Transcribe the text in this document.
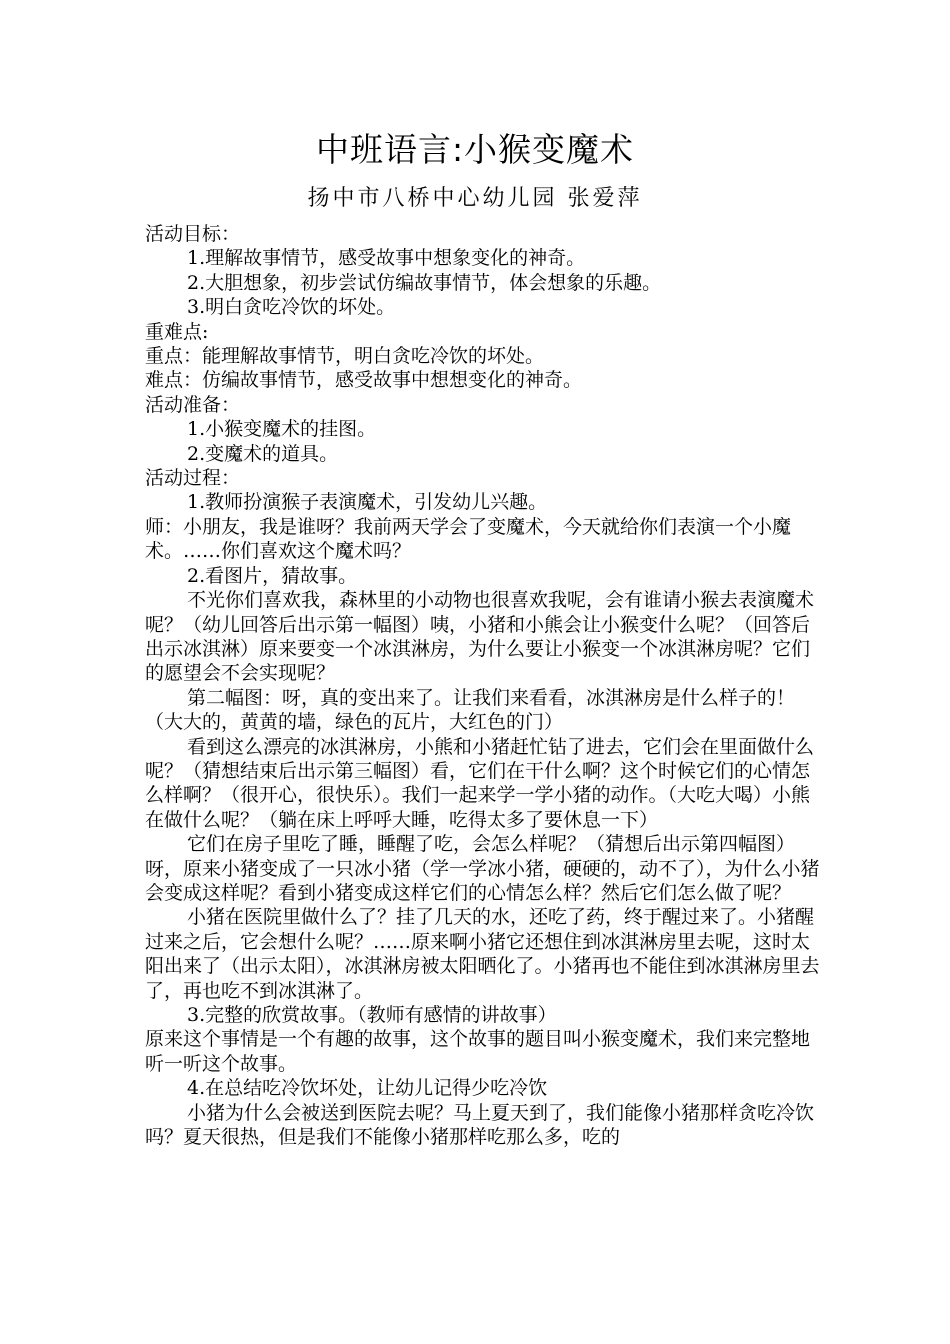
中班语言:小猴变魔术
扬中市八桥中心幼儿园 张爱萍

活动目标：

1.理解故事情节，感受故事中想象变化的神奇。

2.大胆想象，初步尝试仿编故事情节，体会想象的乐趣。

3.明白贪吃冷饮的坏处。

重难点:

重点：能理解故事情节，明白贪吃冷饮的坏处。

难点：仿编故事情节，感受故事中想想变化的神奇。

活动准备：

1.小猴变魔术的挂图。

2.变魔术的道具。

活动过程：

1.教师扮演猴子表演魔术，引发幼儿兴趣。

师：小朋友，我是谁呀？我前两天学会了变魔术，今天就给你们表演一个小魔术。……你们喜欢这个魔术吗？

2.看图片，猜故事。

不光你们喜欢我，森林里的小动物也很喜欢我呢，会有谁请小猴去表演魔术呢？（幼儿回答后出示第一幅图）咦，小猪和小熊会让小猴变什么呢？（回答后出示冰淇淋）原来要变一个冰淇淋房，为什么要让小猴变一个冰淇淋房呢？它们的愿望会不会实现呢？

第二幅图：呀，真的变出来了。让我们来看看，冰淇淋房是什么样子的！（大大的，黄黄的墙，绿色的瓦片，大红色的门）

看到这么漂亮的冰淇淋房，小熊和小猪赶忙钻了进去，它们会在里面做什么呢？（猜想结束后出示第三幅图）看，它们在干什么啊？这个时候它们的心情怎么样啊？（很开心，很快乐）。我们一起来学一学小猪的动作。（大吃大喝）小熊在做什么呢？（躺在床上呼呼大睡，吃得太多了要休息一下）

它们在房子里吃了睡，睡醒了吃，会怎么样呢？（猜想后出示第四幅图）呀，原来小猪变成了一只冰小猪（学一学冰小猪，硬硬的，动不了），为什么小猪会变成这样呢？看到小猪变成这样它们的心情怎么样？然后它们怎么做了呢？

小猪在医院里做什么了？挂了几天的水，还吃了药，终于醒过来了。小猪醒过来之后，它会想什么呢？……原来啊小猪它还想住到冰淇淋房里去呢，这时太阳出来了（出示太阳），冰淇淋房被太阳晒化了。小猪再也不能住到冰淇淋房里去了，再也吃不到冰淇淋了。

3.完整的欣赏故事。（教师有感情的讲故事）

原来这个事情是一个有趣的故事，这个故事的题目叫小猴变魔术，我们来完整地听一听这个故事。

4.在总结吃冷饮坏处，让幼儿记得少吃冷饮

小猪为什么会被送到医院去呢？马上夏天到了，我们能像小猪那样贪吃冷饮吗？夏天很热，但是我们不能像小猪那样吃那么多，吃的
